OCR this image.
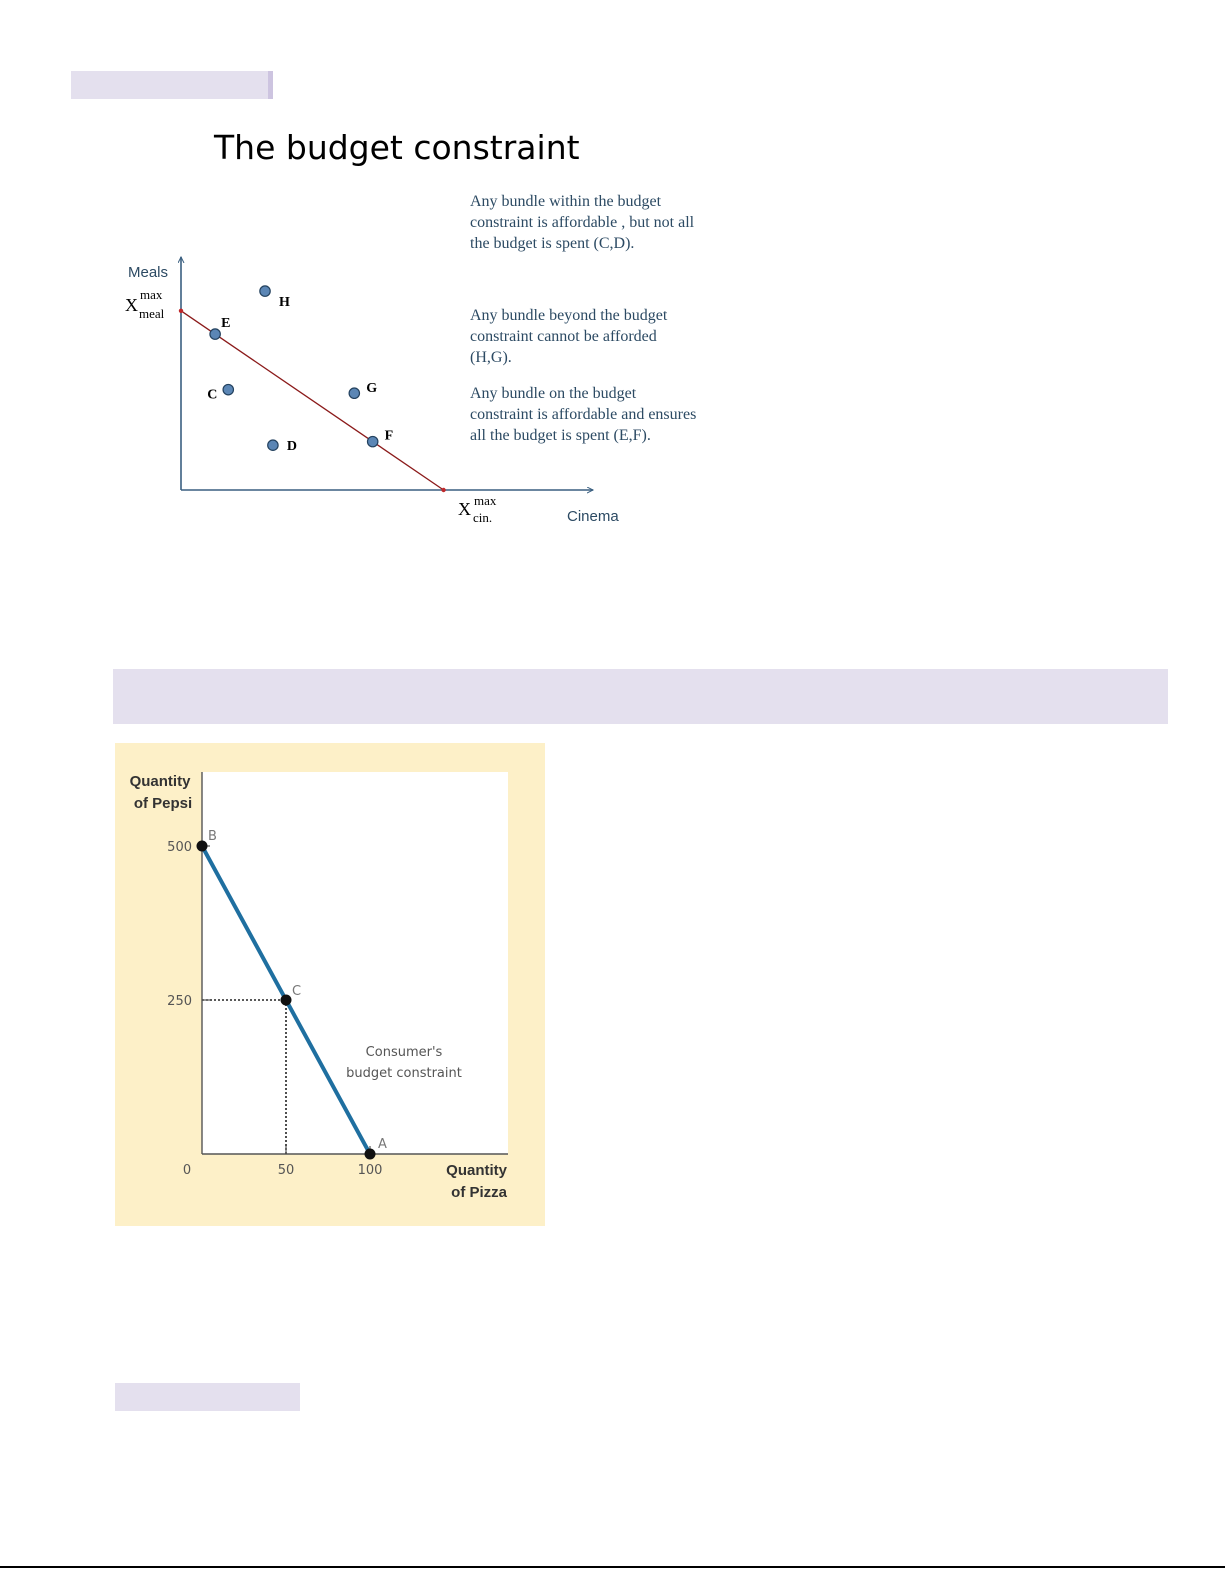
The budget constraint
Any bundle within the budget constraint is affordable , but not all the budget is spent (C,D).
Any bundle beyond the budget constraint cannot be afforded (H,G).
Any bundle on the budget constraint is affordable and ensures all the budget is spent (E,F).
Meals
Cinema
X
max
meal
X max
cin.
H
E
C	G
D
F
0	50	100
500
250
B
C
A
Quantity
of Pepsi
Quantity
of Pizza
Consumer's
budget constraint
